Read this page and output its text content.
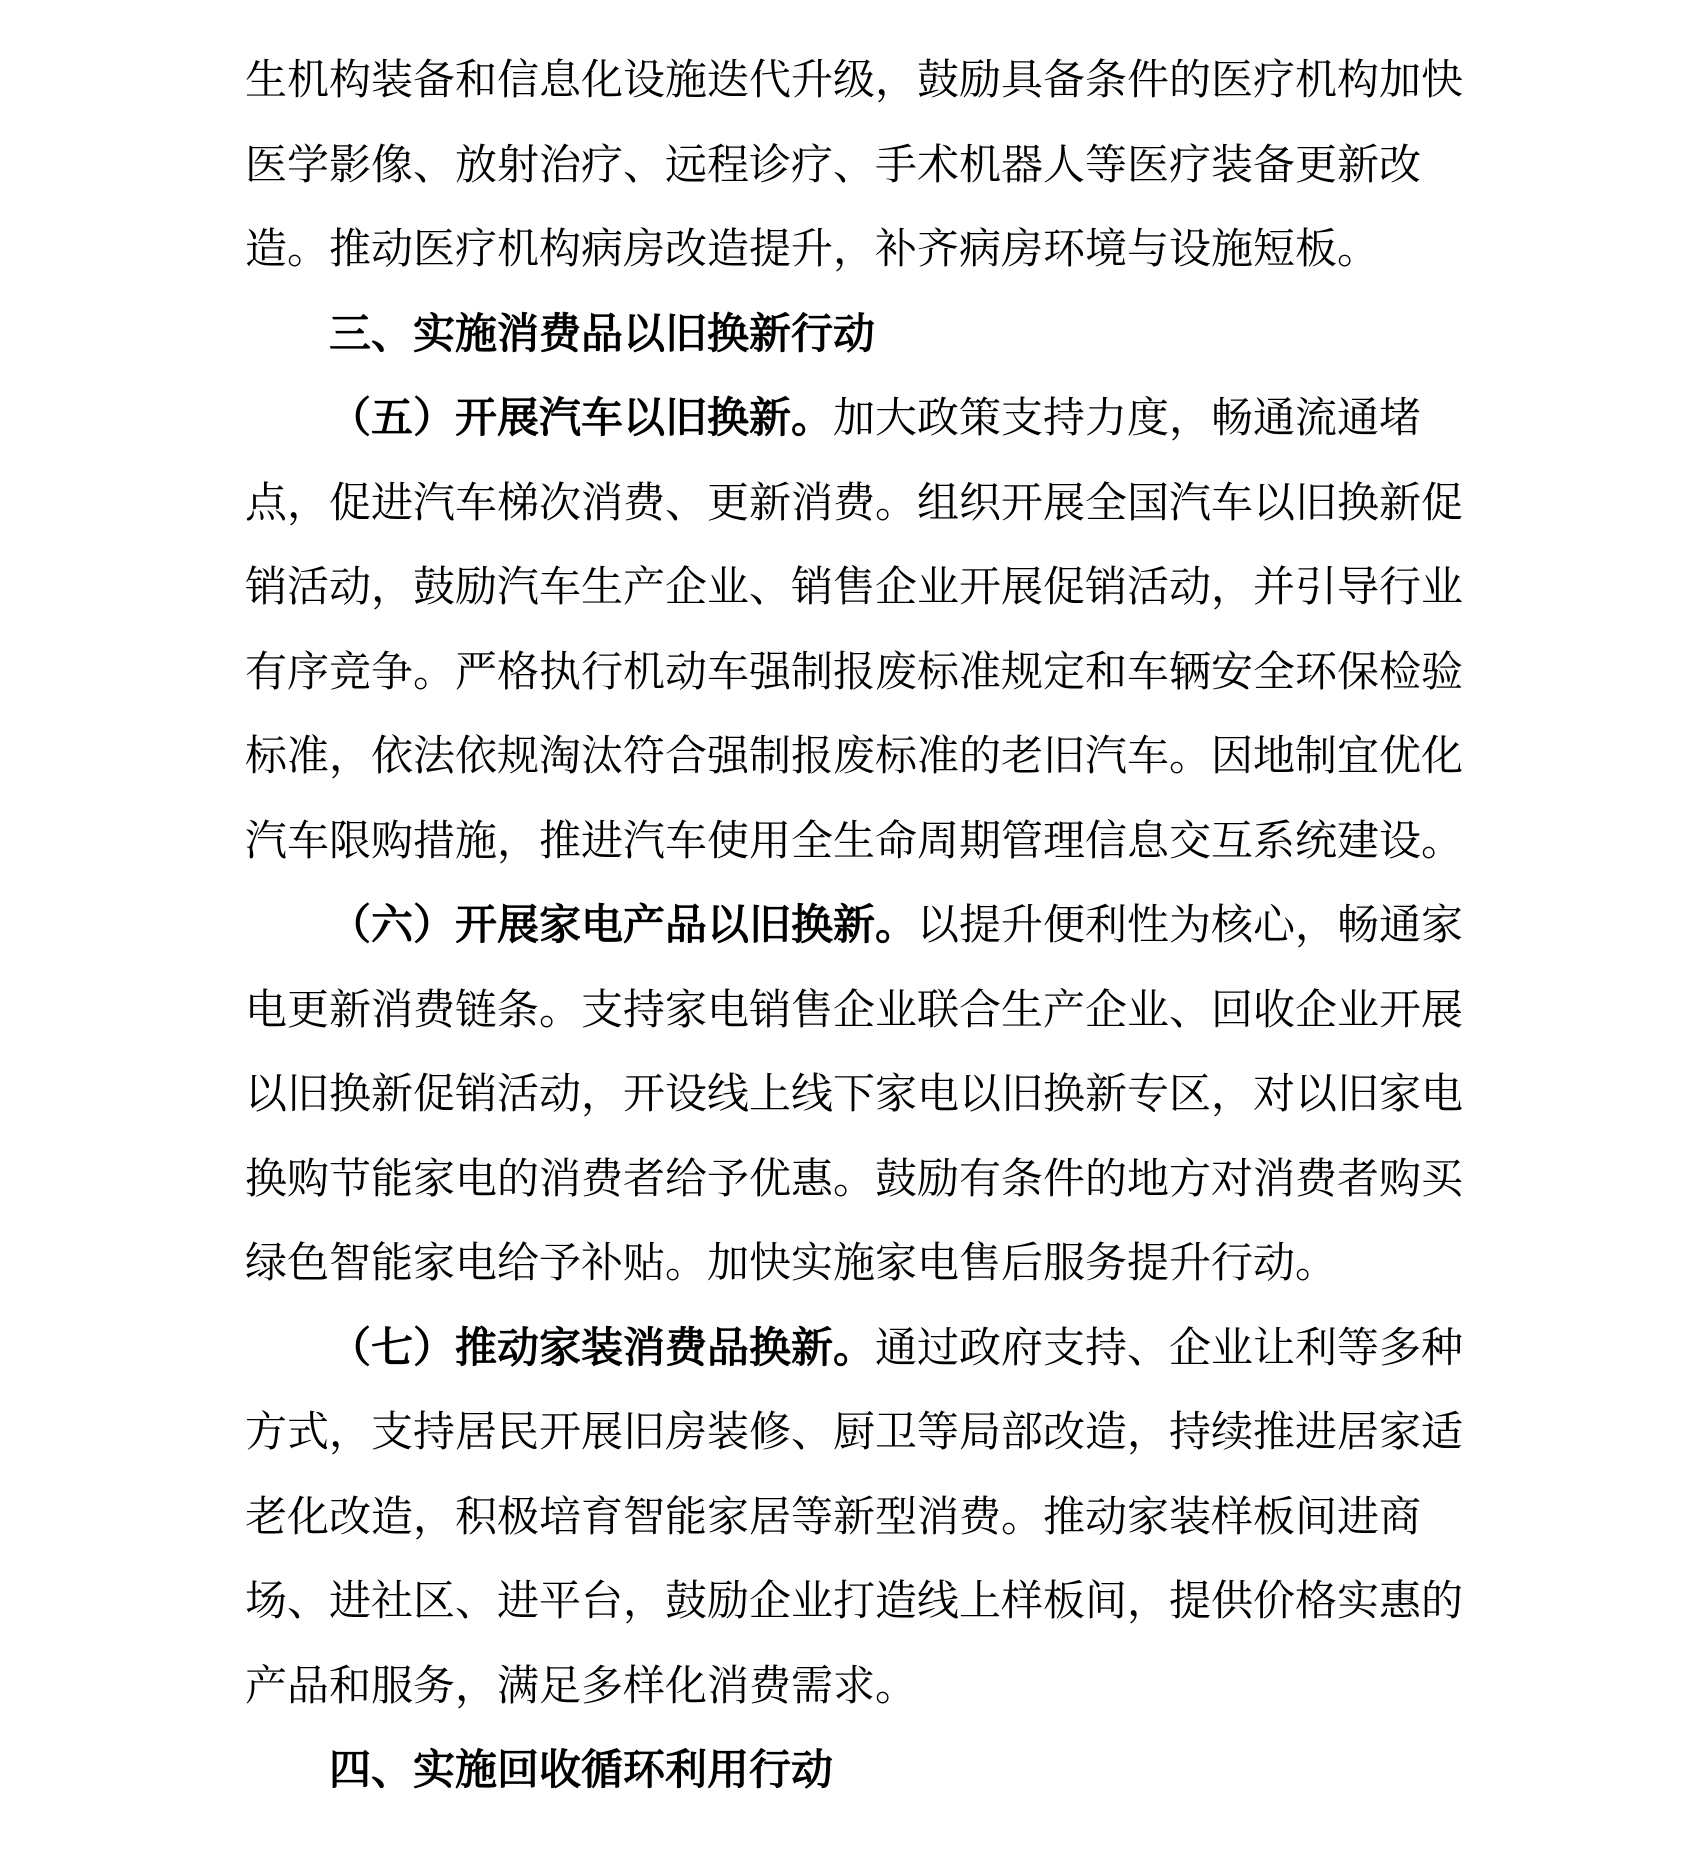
生机构装备和信息化设施迭代升级，鼓励具备条件的医疗机构加快
医学影像、放射治疗、远程诊疗、手术机器人等医疗装备更新改
造。推动医疗机构病房改造提升，补齐病房环境与设施短板。
三、实施消费品以旧换新行动
（五）开展汽车以旧换新。加大政策支持力度，畅通流通堵
点，促进汽车梯次消费、更新消费。组织开展全国汽车以旧换新促
销活动，鼓励汽车生产企业、销售企业开展促销活动，并引导行业
有序竞争。严格执行机动车强制报废标准规定和车辆安全环保检验
标准，依法依规淘汰符合强制报废标准的老旧汽车。因地制宜优化
汽车限购措施，推进汽车使用全生命周期管理信息交互系统建设。
（六）开展家电产品以旧换新。以提升便利性为核心，畅通家
电更新消费链条。支持家电销售企业联合生产企业、回收企业开展
以旧换新促销活动，开设线上线下家电以旧换新专区，对以旧家电
换购节能家电的消费者给予优惠。鼓励有条件的地方对消费者购买
绿色智能家电给予补贴。加快实施家电售后服务提升行动。
（七）推动家装消费品换新。通过政府支持、企业让利等多种
方式，支持居民开展旧房装修、厨卫等局部改造，持续推进居家适
老化改造，积极培育智能家居等新型消费。推动家装样板间进商
场、进社区、进平台，鼓励企业打造线上样板间，提供价格实惠的
产品和服务，满足多样化消费需求。
四、实施回收循环利用行动
